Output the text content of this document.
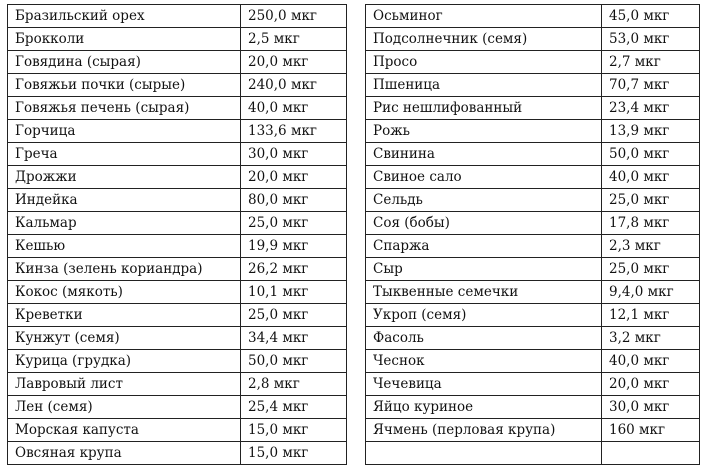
Бразильский орех	250,0 мкг
Брокколи	2,5 мкг
Говядина (сырая)	20,0 мкг
Говяжьи почки (сырые)	240,0 мкг
Говяжья печень (сырая)	40,0 мкг
Горчица	133,6 мкг
Греча	30,0 мкг
Дрожжи	20,0 мкг
Индейка	80,0 мкг
Кальмар	25,0 мкг
Кешью	19,9 мкг
Кинза (зелень кориандра)	26,2 мкг
Кокос (мякоть)	10,1 мкг
Креветки	25,0 мкг
Кунжут (семя)	34,4 мкг
Курица (грудка)	50,0 мкг
Лавровый лист	2,8 мкг
Лен (семя)	25,4 мкг
Морская капуста	15,0 мкг
Овсяная крупа	15,0 мкг
Осьминог	45,0 мкг
Подсолнечник (семя)	53,0 мкг
Просо	2,7 мкг
Пшеница	70,7 мкг
Рис нешлифованный	23,4 мкг
Рожь	13,9 мкг
Свинина	50,0 мкг
Свиное сало	40,0 мкг
Сельдь	25,0 мкг
Соя (бобы)	17,8 мкг
Спаржа	2,3 мкг
Сыр	25,0 мкг
Тыквенные семечки	9,4,0 мкг
Укроп (семя)	12,1 мкг
Фасоль	3,2 мкг
Чеснок	40,0 мкг
Чечевица	20,0 мкг
Яйцо куриное	30,0 мкг
Ячмень (перловая крупа)	160 мкг
